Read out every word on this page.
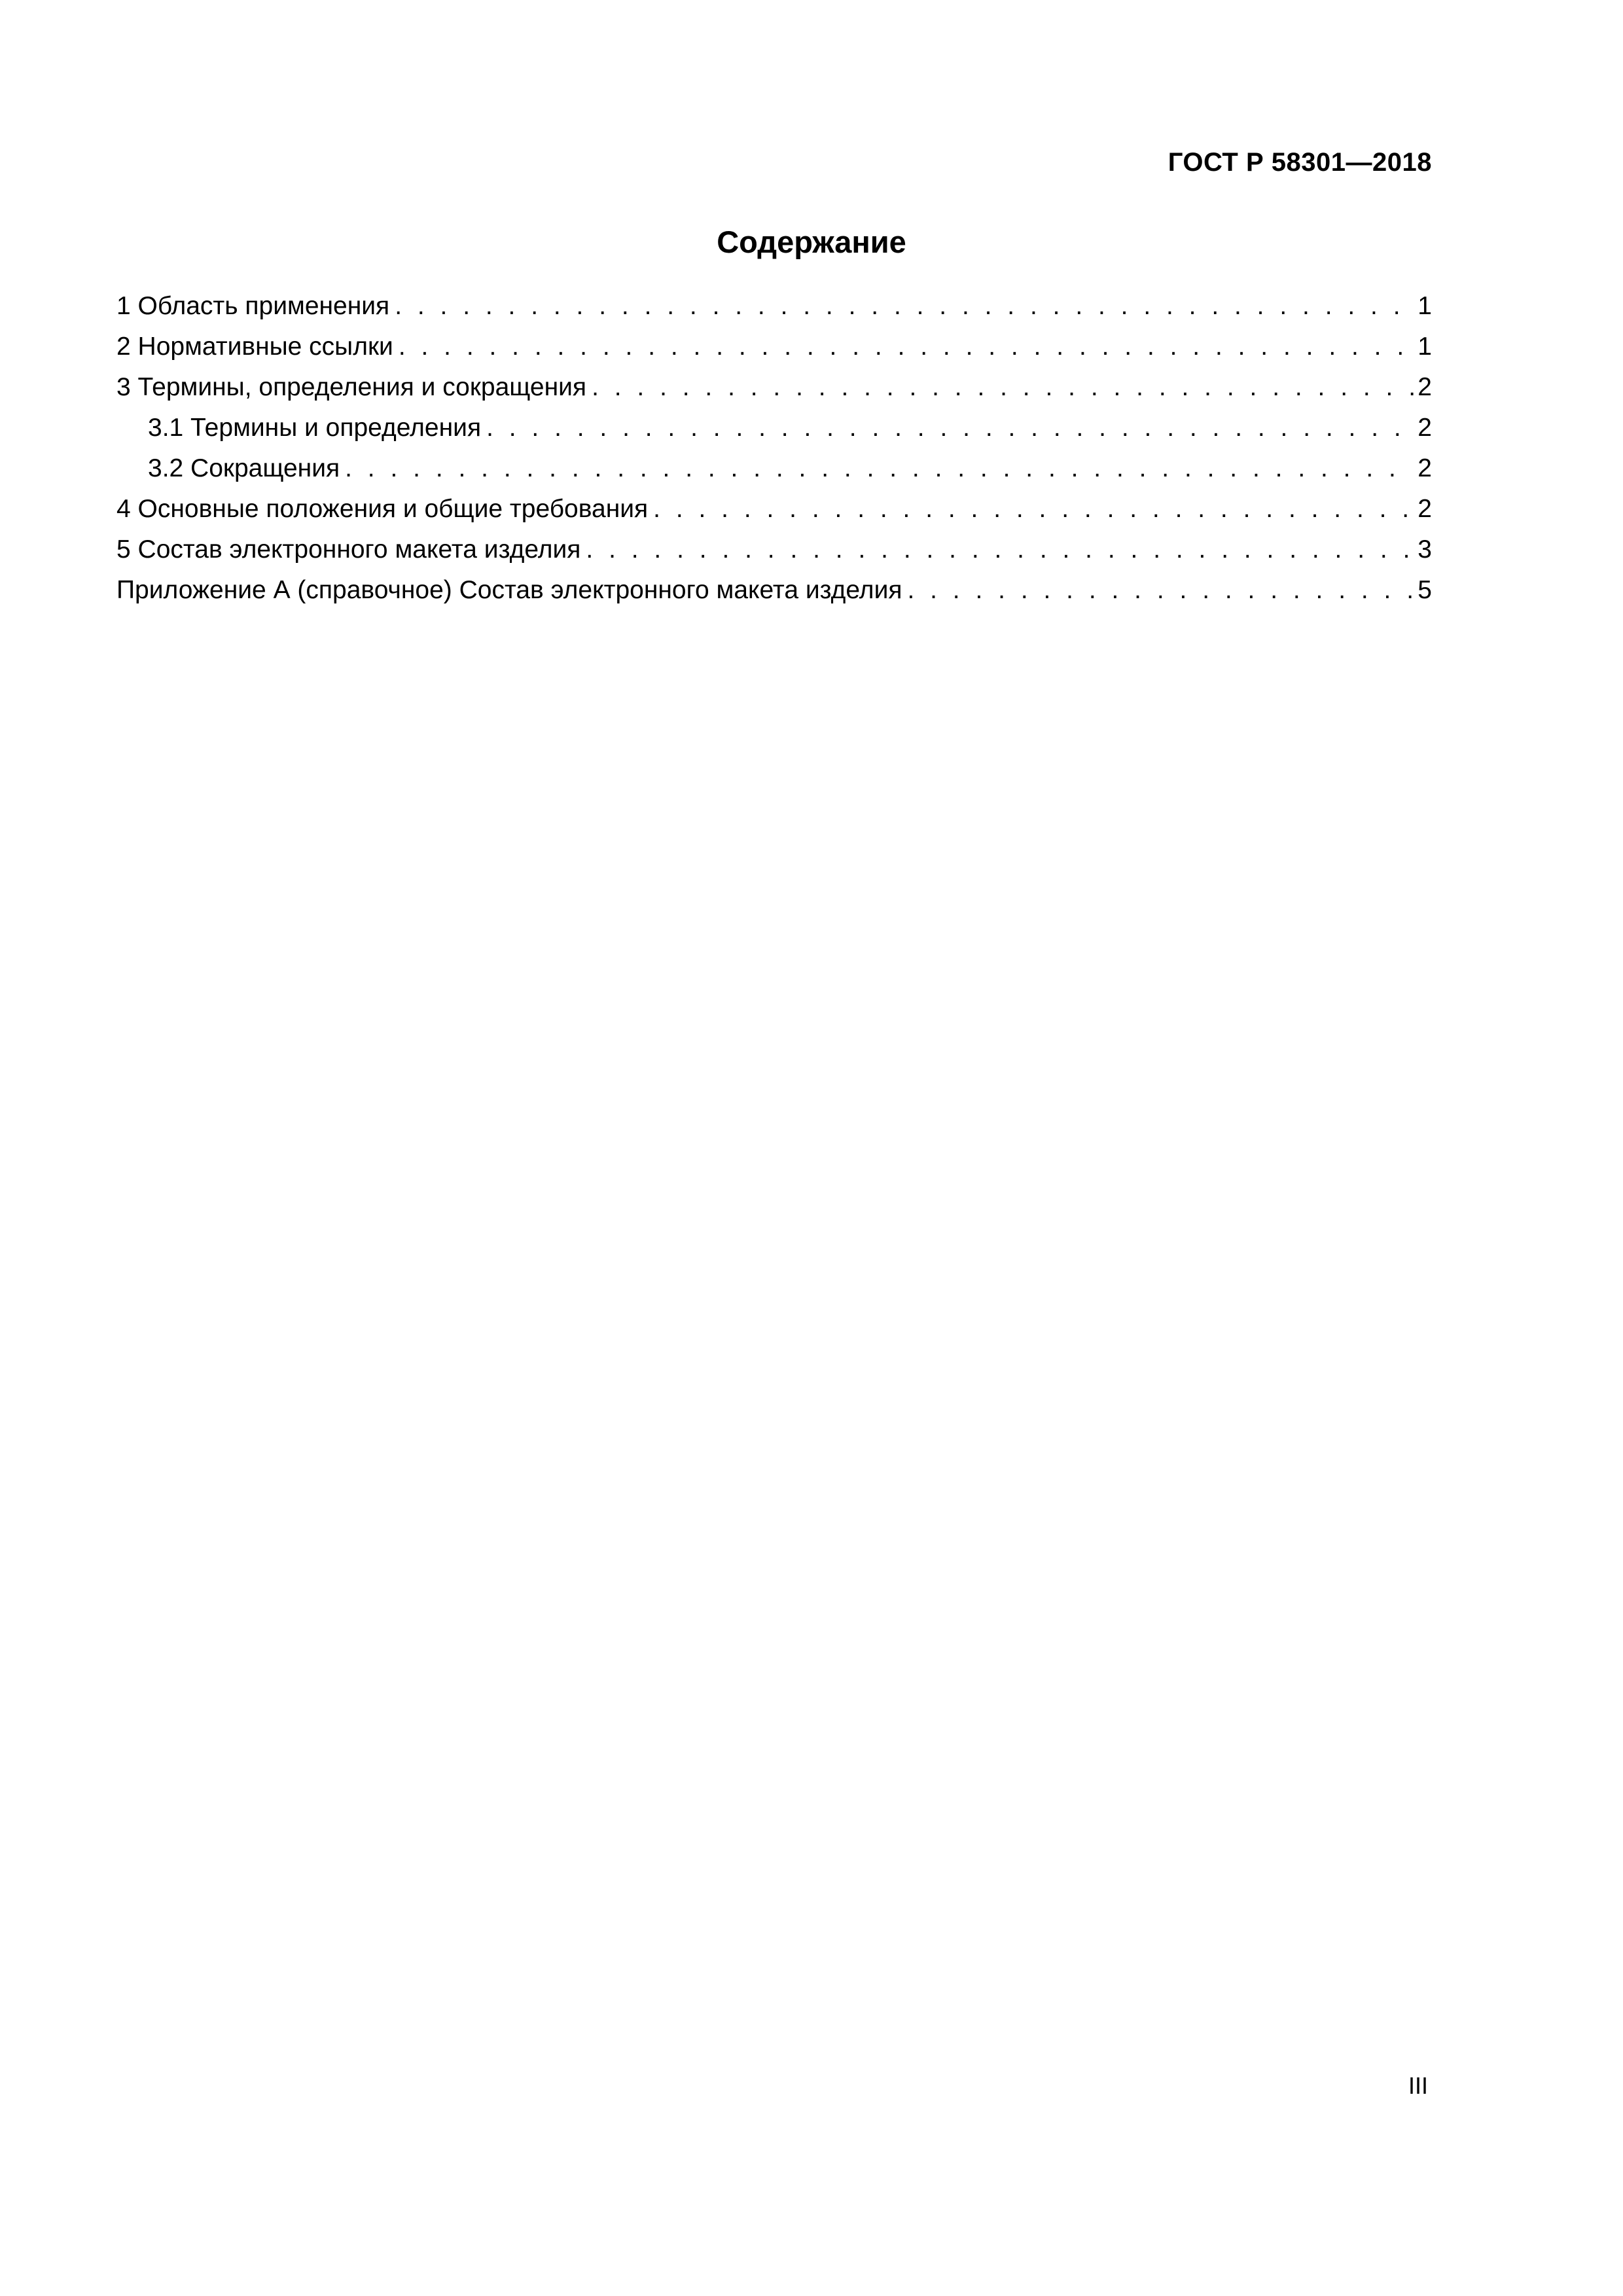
ГОСТ Р 58301—2018
Содержание
1 Область применения . . .	1
2 Нормативные ссылки . . .	1
3 Термины, определения и сокращения . . .	2
3.1 Термины и определения . . .	2
3.2 Сокращения . . .	2
4 Основные положения и общие требования . . .	2
5 Состав электронного макета изделия . . .	3
Приложение А (справочное) Состав электронного макета изделия . . .	5
III
